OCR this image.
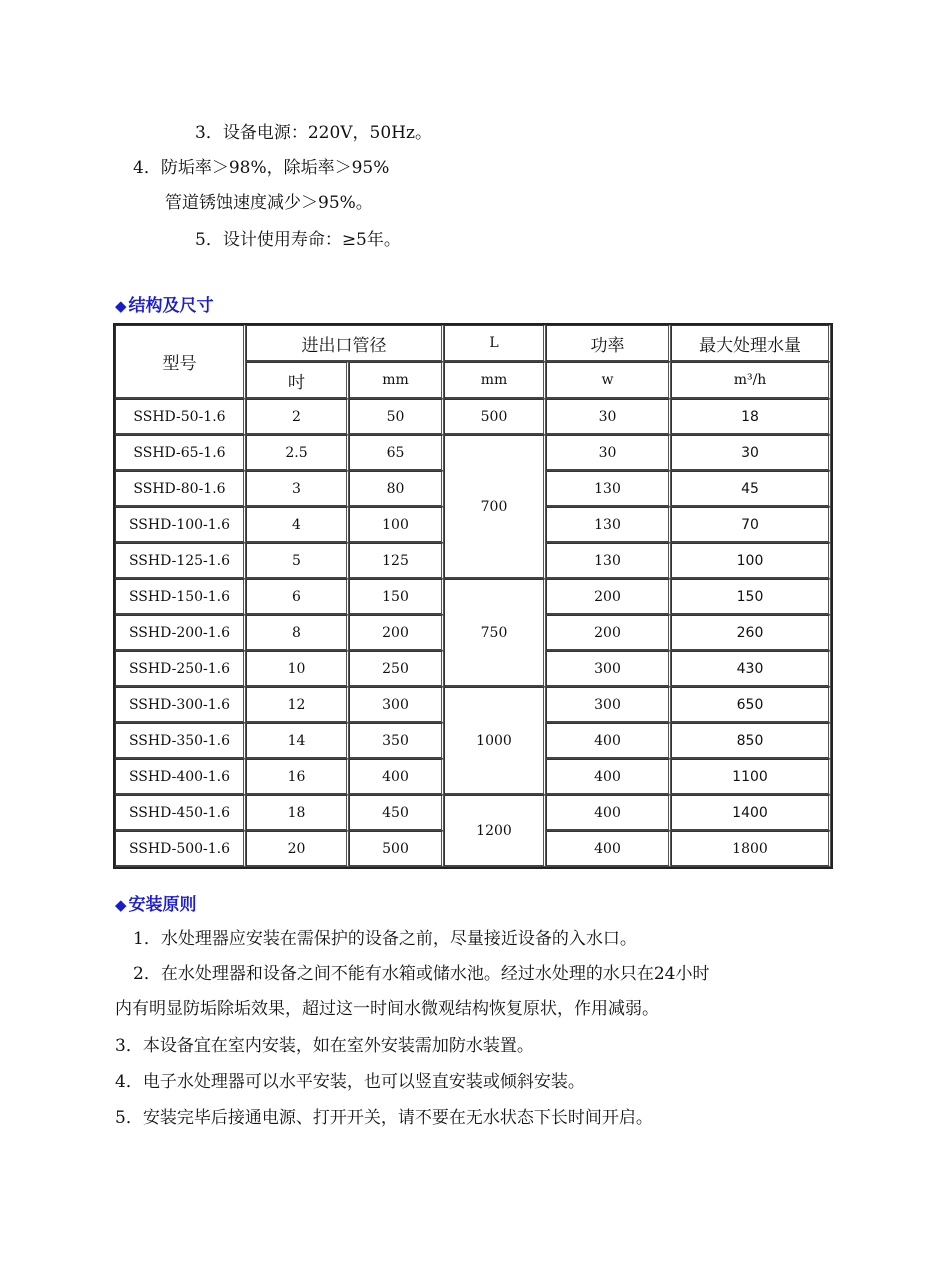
3．设备电源：220V，50Hz。
4．防垢率＞98%，除垢率＞95%
管道锈蚀速度减少＞95%。
5．设计使用寿命：≥5年。
◆ 结构及尺寸
型号	进出口管径		L	功率	最大处理水量
	吋	mm	mm	w	m³/h
SSHD-50-1.6	2	50	500	30	18
SSHD-65-1.6	2.5	65	700	30	30
SSHD-80-1.6	3	80		130	45
SSHD-100-1.6	4	100		130	70
SSHD-125-1.6	5	125		130	100
SSHD-150-1.6	6	150	750	200	150
SSHD-200-1.6	8	200		200	260
SSHD-250-1.6	10	250		300	430
SSHD-300-1.6	12	300	1000	300	650
SSHD-350-1.6	14	350		400	850
SSHD-400-1.6	16	400		400	1100
SSHD-450-1.6	18	450	1200	400	1400
SSHD-500-1.6	20	500		400	1800
◆ 安装原则
1．水处理器应安装在需保护的设备之前，尽量接近设备的入水口。
2．在水处理器和设备之间不能有水箱或储水池。经过水处理的水只在24小时
内有明显防垢除垢效果，超过这一时间水微观结构恢复原状，作用减弱。
3．本设备宜在室内安装，如在室外安装需加防水装置。
4．电子水处理器可以水平安装，也可以竖直安装或倾斜安装。
5．安装完毕后接通电源、打开开关，请不要在无水状态下长时间开启。
